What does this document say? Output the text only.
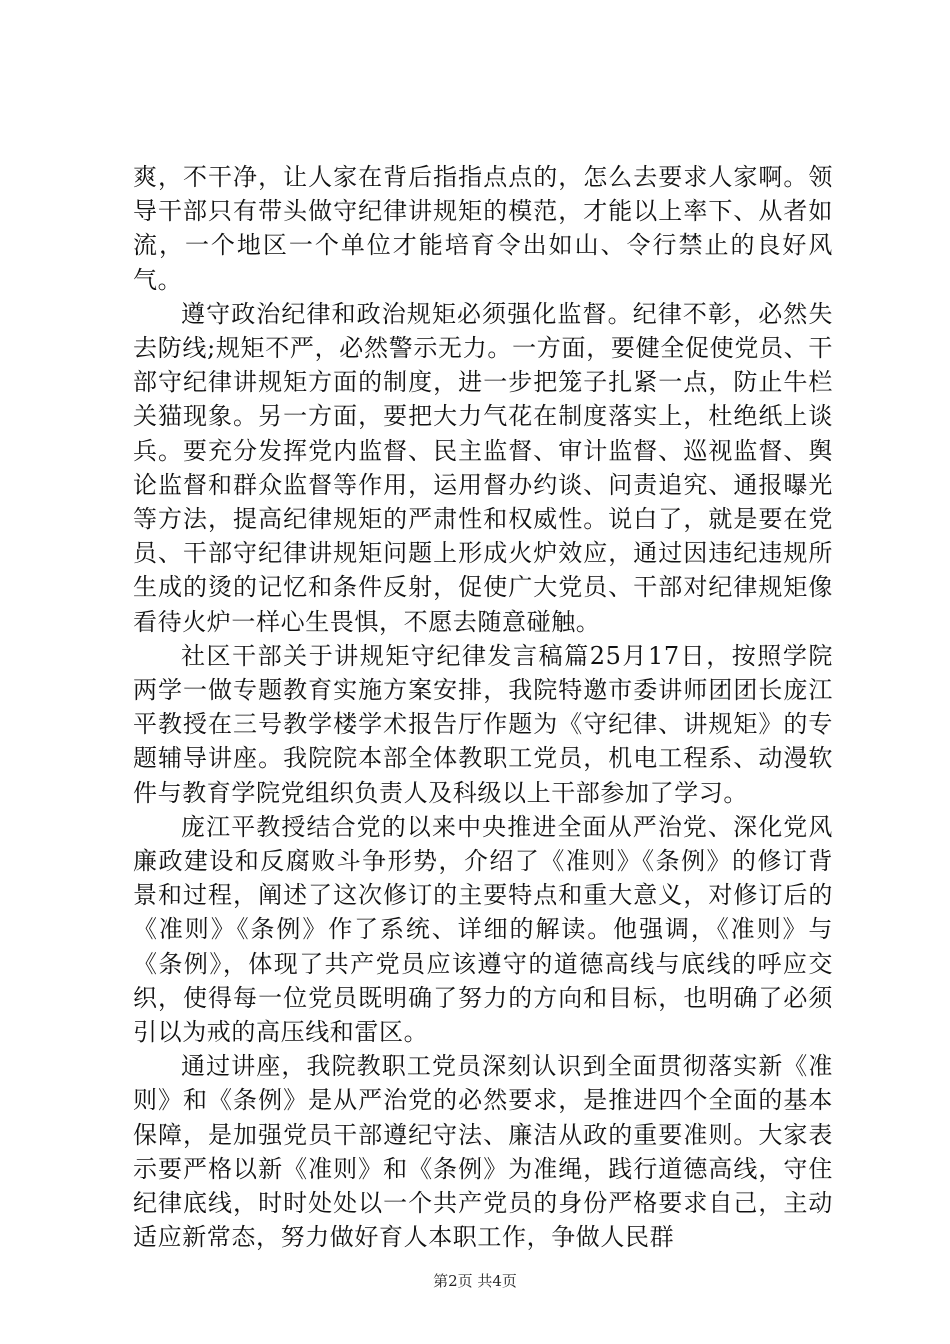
爽，不干净，让人家在背后指指点点的，怎么去要求人家啊。领导干部只有带头做守纪律讲规矩的模范，才能以上率下、从者如流，一个地区一个单位才能培育令出如山、令行禁止的良好风气。

遵守政治纪律和政治规矩必须强化监督。纪律不彰，必然失去防线;规矩不严，必然警示无力。一方面，要健全促使党员、干部守纪律讲规矩方面的制度，进一步把笼子扎紧一点，防止牛栏关猫现象。另一方面，要把大力气花在制度落实上，杜绝纸上谈兵。要充分发挥党内监督、民主监督、审计监督、巡视监督、舆论监督和群众监督等作用，运用督办约谈、问责追究、通报曝光等方法，提高纪律规矩的严肃性和权威性。说白了，就是要在党员、干部守纪律讲规矩问题上形成火炉效应，通过因违纪违规所生成的烫的记忆和条件反射，促使广大党员、干部对纪律规矩像看待火炉一样心生畏惧，不愿去随意碰触。

社区干部关于讲规矩守纪律发言稿篇25月17日，按照学院两学一做专题教育实施方案安排，我院特邀市委讲师团团长庞江平教授在三号教学楼学术报告厅作题为《守纪律、讲规矩》的专题辅导讲座。我院院本部全体教职工党员，机电工程系、动漫软件与教育学院党组织负责人及科级以上干部参加了学习。

庞江平教授结合党的以来中央推进全面从严治党、深化党风廉政建设和反腐败斗争形势，介绍了《准则》《条例》的修订背景和过程，阐述了这次修订的主要特点和重大意义，对修订后的《准则》《条例》作了系统、详细的解读。他强调，《准则》与《条例》，体现了共产党员应该遵守的道德高线与底线的呼应交织，使得每一位党员既明确了努力的方向和目标，也明确了必须引以为戒的高压线和雷区。

通过讲座，我院教职工党员深刻认识到全面贯彻落实新《准则》和《条例》是从严治党的必然要求，是推进四个全面的基本保障，是加强党员干部遵纪守法、廉洁从政的重要准则。大家表示要严格以新《准则》和《条例》为准绳，践行道德高线，守住纪律底线，时时处处以一个共产党员的身份严格要求自己，主动适应新常态，努力做好育人本职工作，争做人民群

第2页 共4页
